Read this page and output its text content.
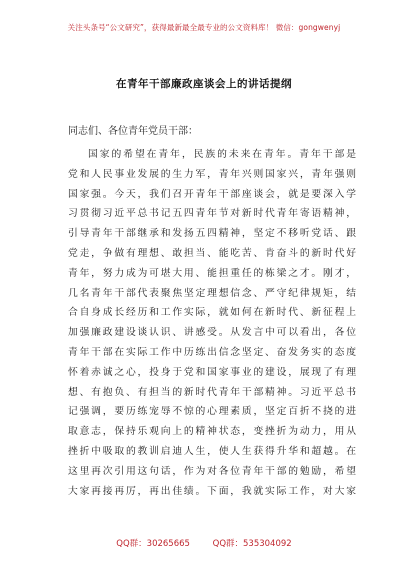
关注头条号“公文研究”，获得最新最全最专业的公文资料库！ 微信：gongwenyj
在青年干部廉政座谈会上的讲话提纲
同志们、各位青年党员干部：
国家的希望在青年，民族的未来在青年。青年干部是
党和人民事业发展的生力军，青年兴则国家兴，青年强则
国家强。今天，我们召开青年干部座谈会，就是要深入学
习贯彻习近平总书记五四青年节对新时代青年寄语精神，
引导青年干部继承和发扬五四精神，坚定不移听党话、跟
党走，争做有理想、敢担当、能吃苦、肯奋斗的新时代好
青年，努力成为可堪大用、能担重任的栋梁之才。刚才，
几名青年干部代表聚焦坚定理想信念、严守纪律规矩，结
合自身成长经历和工作实际，就如何在新时代、新征程上
加强廉政建设谈认识、讲感受。从发言中可以看出，各位
青年干部在实际工作中历练出信念坚定、奋发务实的态度
怀着赤诚之心，投身于党和国家事业的建设，展现了有理
想、有抱负、有担当的新时代青年干部精神。习近平总书
记强调，要历练宠辱不惊的心理素质，坚定百折不挠的进
取意志，保持乐观向上的精神状态，变挫折为动力，用从
挫折中吸取的教训启迪人生，使人生获得升华和超越。在
这里再次引用这句话，作为对各位青年干部的勉励，希望
大家再接再厉，再出佳绩。下面，我就实际工作，对大家
QQ群：30265665	QQ群：535304092
